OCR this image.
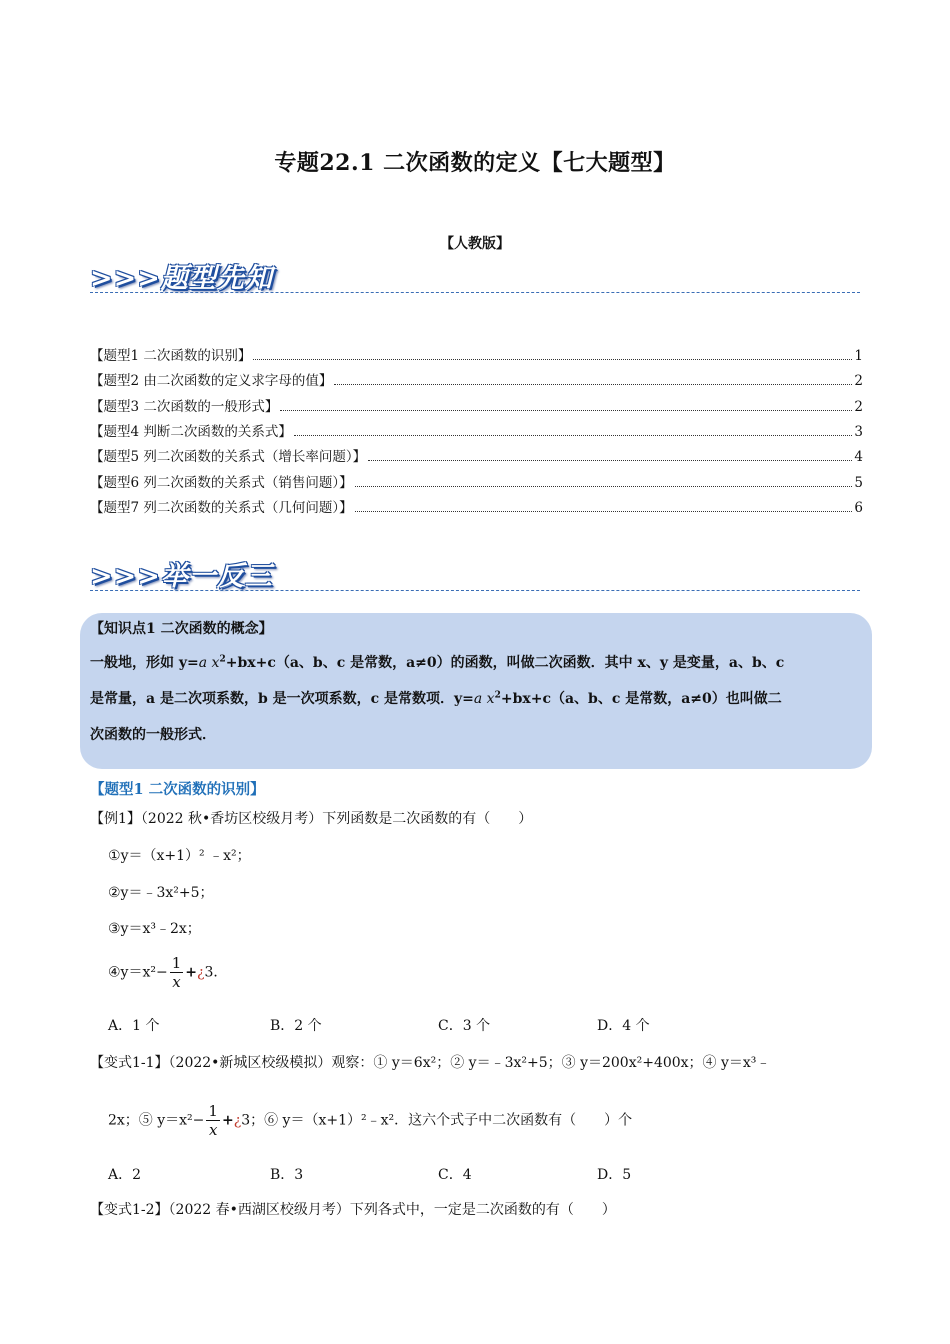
专题22.1 二次函数的定义【七大题型】
【人教版】
>>>题型先知
【题型1 二次函数的识别】	1
【题型2 由二次函数的定义求字母的值】	2
【题型3 二次函数的一般形式】	2
【题型4 判断二次函数的关系式】	3
【题型5 列二次函数的关系式（增长率问题）】	4
【题型6 列二次函数的关系式（销售问题）】	5
【题型7 列二次函数的关系式（几何问题）】	6
>>>举一反三
【知识点1 二次函数的概念】
一般地，形如 y=a $x^2+bx+c(a$、b、c 是常数，a≠0）的函数，叫做二次函数．其中 x、y 是变量，a、b、c
是常量，a 是二次项系数，b 是一次项系数，c 是常数项．y=a $x^2+bx+c(a$、b、c 是常数，a≠0）也叫做二
次函数的一般形式．
【题型1 二次函数的识别】
【例1】（2022 秋•香坊区校级月考）下列函数是二次函数的有（　　）
①y＝（x+1）² ﹣x²；
②y＝﹣3x²+5；
③y＝x³﹣2x；
④y＝x²− $\frac{1}{x}$ +¿3．
A．1 个	B．2 个	C．3 个	D．4 个
【变式1-1】（2022•新城区校级模拟）观察：① y＝6x²；② y＝﹣3x²+5；③ y＝200x²+400x；④ y＝x³﹣
2x；⑤ $y=x^2- \frac{1}{x}$ +¿3；⑥ y＝（x+1）²﹣x²．这六个式子中二次函数有（　　）个
A．2	B．3	C．4	D．5
【变式1-2】（2022 春•西湖区校级月考）下列各式中，一定是二次函数的有（　　）
